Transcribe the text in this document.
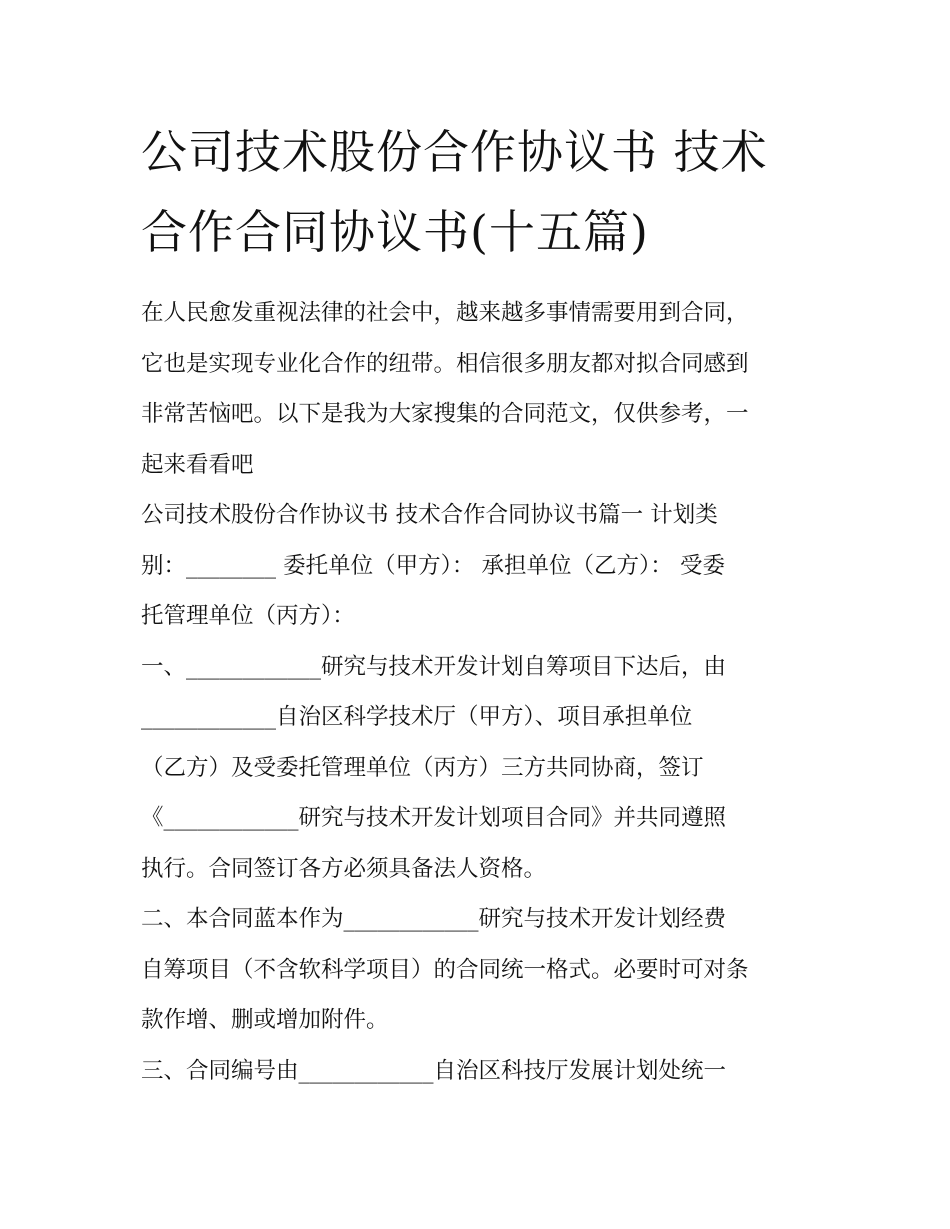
公司技术股份合作协议书 技术
合作合同协议书(十五篇)

在人民愈发重视法律的社会中，越来越多事情需要用到合同，

它也是实现专业化合作的纽带。相信很多朋友都对拟合同感到

非常苦恼吧。以下是我为大家搜集的合同范文，仅供参考，一

起来看看吧

公司技术股份合作协议书 技术合作合同协议书篇一 计划类

别：________ 委托单位（甲方）： 承担单位（乙方）： 受委

托管理单位（丙方）：

一、____________研究与技术开发计划自筹项目下达后，由

____________自治区科学技术厅（甲方）、项目承担单位

（乙方）及受委托管理单位（丙方）三方共同协商，签订

《____________研究与技术开发计划项目合同》并共同遵照

执行。合同签订各方必须具备法人资格。

二、本合同蓝本作为____________研究与技术开发计划经费

自筹项目（不含软科学项目）的合同统一格式。必要时可对条

款作增、删或增加附件。

三、合同编号由____________自治区科技厅发展计划处统一
